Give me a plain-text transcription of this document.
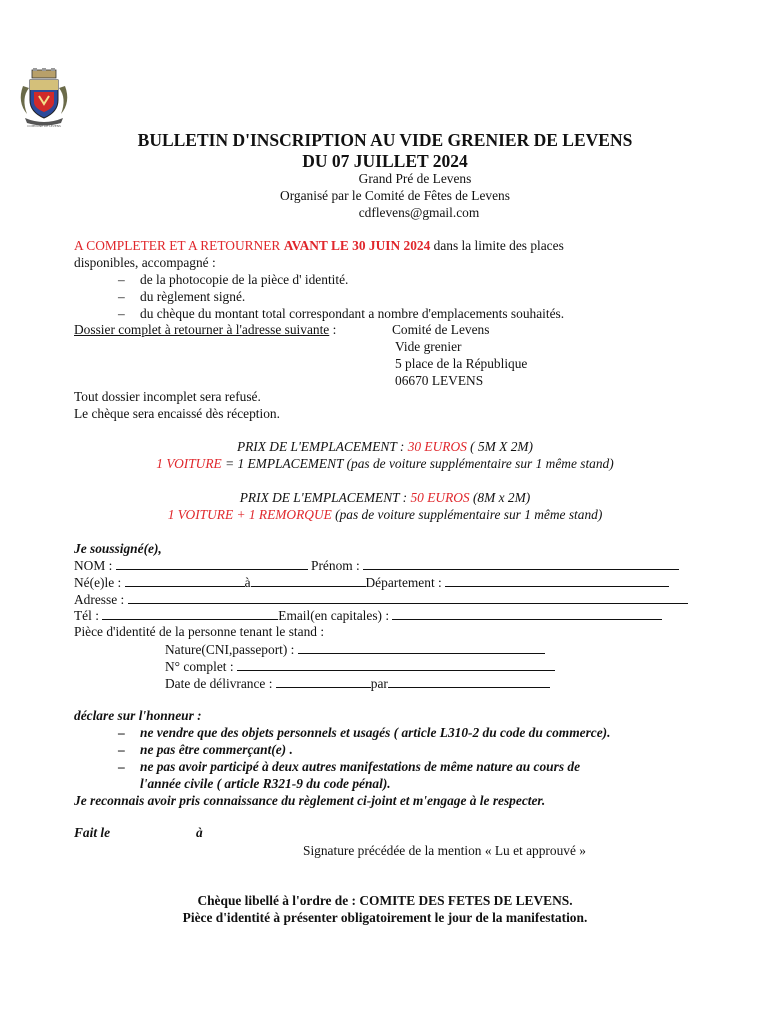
COMMUNE DE LEVENS
BULLETIN D'INSCRIPTION AU VIDE GRENIER DE LEVENS
DU 07 JUILLET 2024
Grand Pré de Levens
Organisé par le Comité de Fêtes de Levens
cdflevens@gmail.com
A COMPLETER ET A RETOURNER AVANT LE 30 JUIN 2024 dans la limite des places
disponibles, accompagné :
– de la photocopie de la pièce d' identité.
– du règlement signé.
– du chèque du montant total correspondant a nombre d'emplacements souhaités.
Dossier complet à retourner à l'adresse suivante :	Comité de Levens
Vide grenier
5 place de la République
06670 LEVENS
Tout dossier incomplet sera refusé.
Le chèque sera encaissé dès réception.
PRIX DE L'EMPLACEMENT : 30 EUROS ( 5M X 2M)
1 VOITURE = 1 EMPLACEMENT (pas de voiture supplémentaire sur 1 même stand)
PRIX DE L'EMPLACEMENT : 50 EUROS (8M x 2M)
1 VOITURE + 1 REMORQUE (pas de voiture supplémentaire sur 1 même stand)
Je soussigné(e),
NOM :	Prénom :
Né(e)le :	à	Département :
Adresse :
Tél :	Email(en capitales) :
Pièce d'identité de la personne tenant le stand :
Nature(CNI,passeport) :
N° complet :
Date de délivrance :	par
déclare sur l'honneur :
– ne vendre que des objets personnels et usagés ( article L310-2 du code du commerce).
– ne pas être commerçant(e) .
– ne pas avoir participé à deux autres manifestations de même nature au cours de
l'année civile ( article R321-9 du code pénal).
Je reconnais avoir pris connaissance du règlement ci-joint et m'engage à le respecter.
Fait le	à
Signature précédée de la mention « Lu et approuvé »
Chèque libellé à l'ordre de : COMITE DES FETES DE LEVENS.
Pièce d'identité à présenter obligatoirement le jour de la manifestation.
